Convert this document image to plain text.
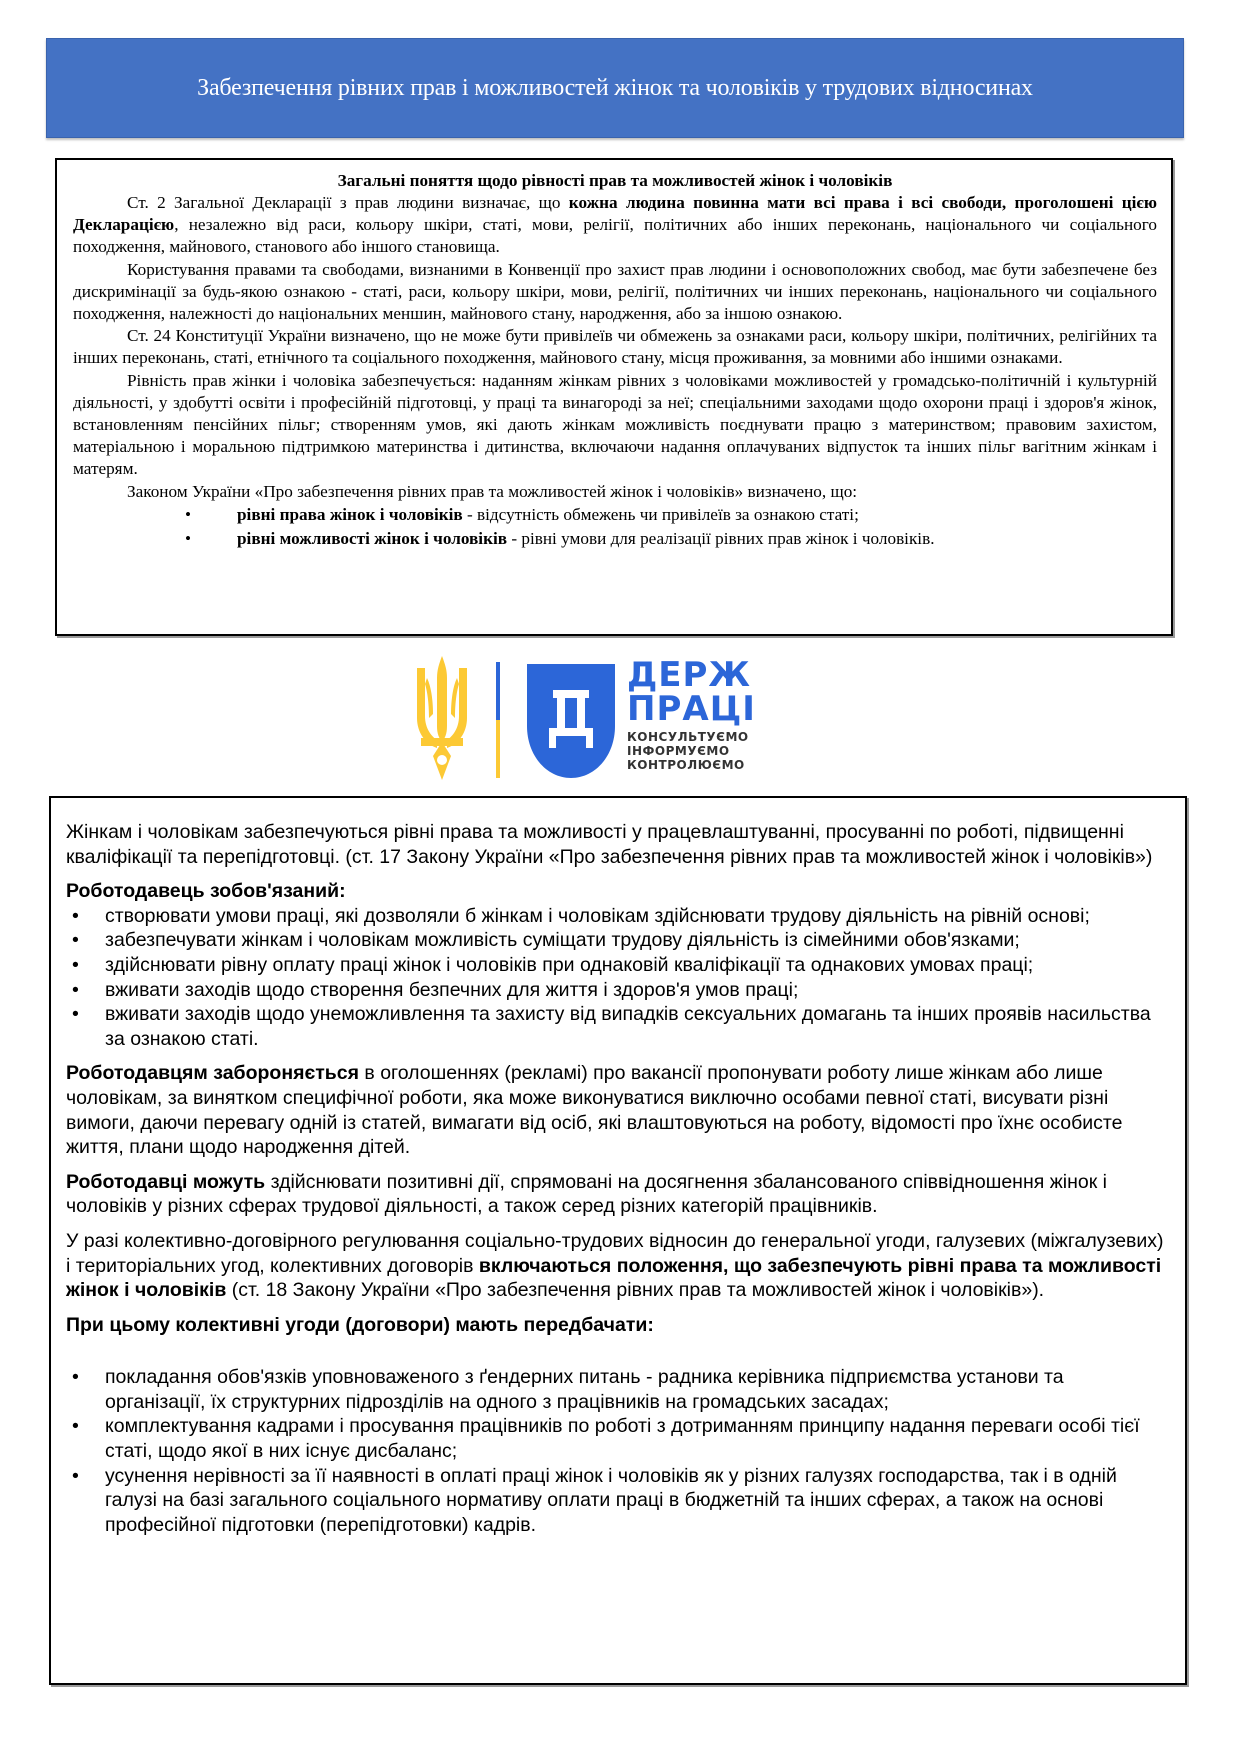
Забезпечення рівних прав і можливостей жінок та чоловіків у трудових відносинах
Загальні поняття щодо рівності прав та можливостей жінок і чоловіків

Ст. 2 Загальної Декларації з прав людини визначає, що кожна людина повинна мати всі права і всі свободи, проголошені цією Декларацією, незалежно від раси, кольору шкіри, статі, мови, релігії, політичних або інших переконань, національного чи соціального походження, майнового, станового або іншого становища.

Користування правами та свободами, визнаними в Конвенції про захист прав людини і основоположних свобод, має бути забезпечене без дискримінації за будь-якою ознакою - статі, раси, кольору шкіри, мови, релігії, політичних чи інших переконань, національного чи соціального походження, належності до національних меншин, майнового стану, народження, або за іншою ознакою.

Ст. 24 Конституції України визначено, що не може бути привілеїв чи обмежень за ознаками раси, кольору шкіри, політичних, релігійних та інших переконань, статі, етнічного та соціального походження, майнового стану, місця проживання, за мовними або іншими ознаками.

Рівність прав жінки і чоловіка забезпечується: наданням жінкам рівних з чоловіками можливостей у громадсько-політичній і культурній діяльності, у здобутті освіти і професійній підготовці, у праці та винагороді за неї; спеціальними заходами щодо охорони праці і здоров'я жінок, встановленням пенсійних пільг; створенням умов, які дають жінкам можливість поєднувати працю з материнством; правовим захистом, матеріальною і моральною підтримкою материнства і дитинства, включаючи надання оплачуваних відпусток та інших пільг вагітним жінкам і матерям.

Законом України «Про забезпечення рівних прав та можливостей жінок і чоловіків» визначено, що:

•	рівні права жінок і чоловіків - відсутність обмежень чи привілеїв за ознакою статі;
•	рівні можливості жінок і чоловіків - рівні умови для реалізації рівних прав жінок і чоловіків.
ДЕРЖ
ПРАЦІ
КОНСУЛЬТУЄМО
ІНФОРМУЄМО
КОНТРОЛЮЄМО

Жінкам і чоловікам забезпечуються рівні права та можливості у працевлаштуванні, просуванні по роботі, підвищенні кваліфікації та перепідготовці. (ст. 17 Закону України «Про забезпечення рівних прав та можливостей жінок і чоловіків»)

Роботодавець зобов'язаний:

• створювати умови праці, які дозволяли б жінкам і чоловікам здійснювати трудову діяльність на рівній основі;
• забезпечувати жінкам і чоловікам можливість суміщати трудову діяльність із сімейними обов'язками;
• здійснювати рівну оплату праці жінок і чоловіків при однаковій кваліфікації та однакових умовах праці;
• вживати заходів щодо створення безпечних для життя і здоров'я умов праці;
• вживати заходів щодо унеможливлення та захисту від випадків сексуальних домагань та інших проявів насильства за ознакою статі.

Роботодавцям забороняється в оголошеннях (рекламі) про вакансії пропонувати роботу лише жінкам або лише чоловікам, за винятком специфічної роботи, яка може виконуватися виключно особами певної статі, висувати різні вимоги, даючи перевагу одній із статей, вимагати від осіб, які влаштовуються на роботу, відомості про їхнє особисте життя, плани щодо народження дітей.

Роботодавці можуть здійснювати позитивні дії, спрямовані на досягнення збалансованого співвідношення жінок і чоловіків у різних сферах трудової діяльності, а також серед різних категорій працівників.

У разі колективно-договірного регулювання соціально-трудових відносин до генеральної угоди, галузевих (міжгалузевих) і територіальних угод, колективних договорів включаються положення, що забезпечують рівні права та можливості жінок і чоловіків (ст. 18 Закону України «Про забезпечення рівних прав та можливостей жінок і чоловіків»).

При цьому колективні угоди (договори) мають передбачати:

• покладання обов'язків уповноваженого з ґендерних питань - радника керівника підприємства установи та організації, їх структурних підрозділів на одного з працівників на громадських засадах;
• комплектування кадрами і просування працівників по роботі з дотриманням принципу надання переваги особі тієї статі, щодо якої в них існує дисбаланс;
• усунення нерівності за її наявності в оплаті праці жінок і чоловіків як у різних галузях господарства, так і в одній галузі на базі загального соціального нормативу оплати праці в бюджетній та інших сферах, а також на основі професійної підготовки (перепідготовки) кадрів.
